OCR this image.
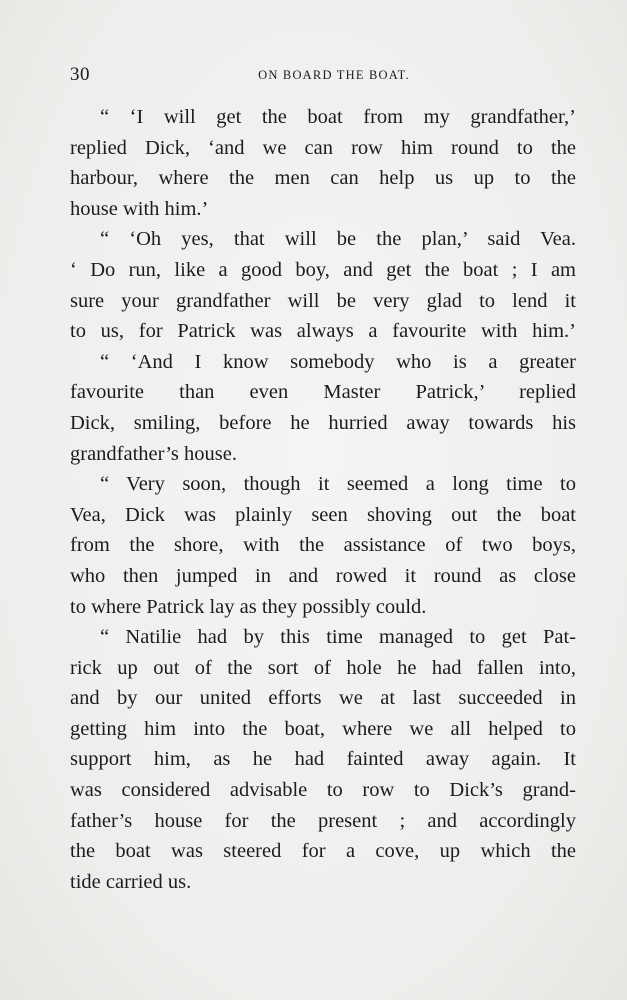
30	ON BOARD THE BOAT.
“ ‘I will get the boat from my grandfather,’
replied Dick, ‘and we can row him round to the
harbour, where the men can help us up to the
house with him.’
“ ‘Oh yes, that will be the plan,’ said Vea.
‘ Do run, like a good boy, and get the boat ; I am
sure your grandfather will be very glad to lend it
to us, for Patrick was always a favourite with him.’
“ ‘And I know somebody who is a greater
favourite than even Master Patrick,’ replied
Dick, smiling, before he hurried away towards his
grandfather’s house.
“ Very soon, though it seemed a long time to
Vea, Dick was plainly seen shoving out the boat
from the shore, with the assistance of two boys,
who then jumped in and rowed it round as close
to where Patrick lay as they possibly could.
“ Natilie had by this time managed to get Pat-
rick up out of the sort of hole he had fallen into,
and by our united efforts we at last succeeded in
getting him into the boat, where we all helped to
support him, as he had fainted away again. It
was considered advisable to row to Dick’s grand-
father’s house for the present ; and accordingly
the boat was steered for a cove, up which the
tide carried us.
